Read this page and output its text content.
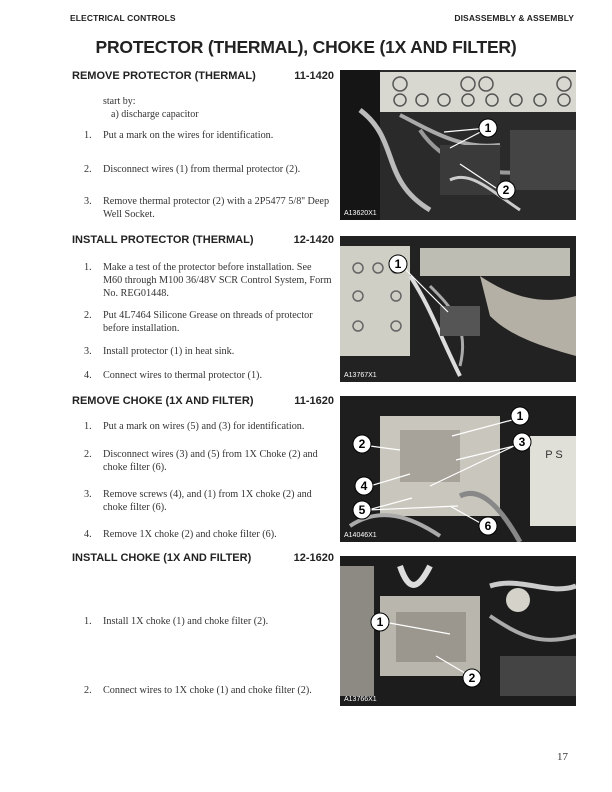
ELECTRICAL CONTROLS	DISASSEMBLY & ASSEMBLY
PROTECTOR (THERMAL), CHOKE (1X AND FILTER)
REMOVE PROTECTOR (THERMAL)	11-1420
start by:
a) discharge capacitor
1.	Put a mark on the wires for identification.
2.	Disconnect wires (1) from thermal protector (2).
3.	Remove thermal protector (2) with a 2P5477 5/8'' Deep Well Socket.
1
2
A13620X1
INSTALL PROTECTOR (THERMAL)	12-1420
1.	Make a test of the protector before installation. See M60 through M100 36/48V SCR Control System, Form No. REG01448.
2.	Put 4L7464 Silicone Grease on threads of protector before installation.
3.	Install protector (1) in heat sink.
4.	Connect wires to thermal protector (1).
1
A13767X1
REMOVE CHOKE (1X AND FILTER)	11-1620
1.	Put a mark on wires (5) and (3) for identification.
2.	Disconnect wires (3) and (5) from 1X Choke (2) and choke filter (6).
3.	Remove screws (4), and (1) from 1X choke (2) and choke filter (6).
4.	Remove 1X choke (2) and choke filter (6).
P S
1
2	3
4
5
6
A14046X1
INSTALL CHOKE (1X AND FILTER)	12-1620
1.	Install 1X choke (1) and choke filter (2).
2.	Connect wires to 1X choke (1) and choke filter (2).
1
2
A13766X1
17
